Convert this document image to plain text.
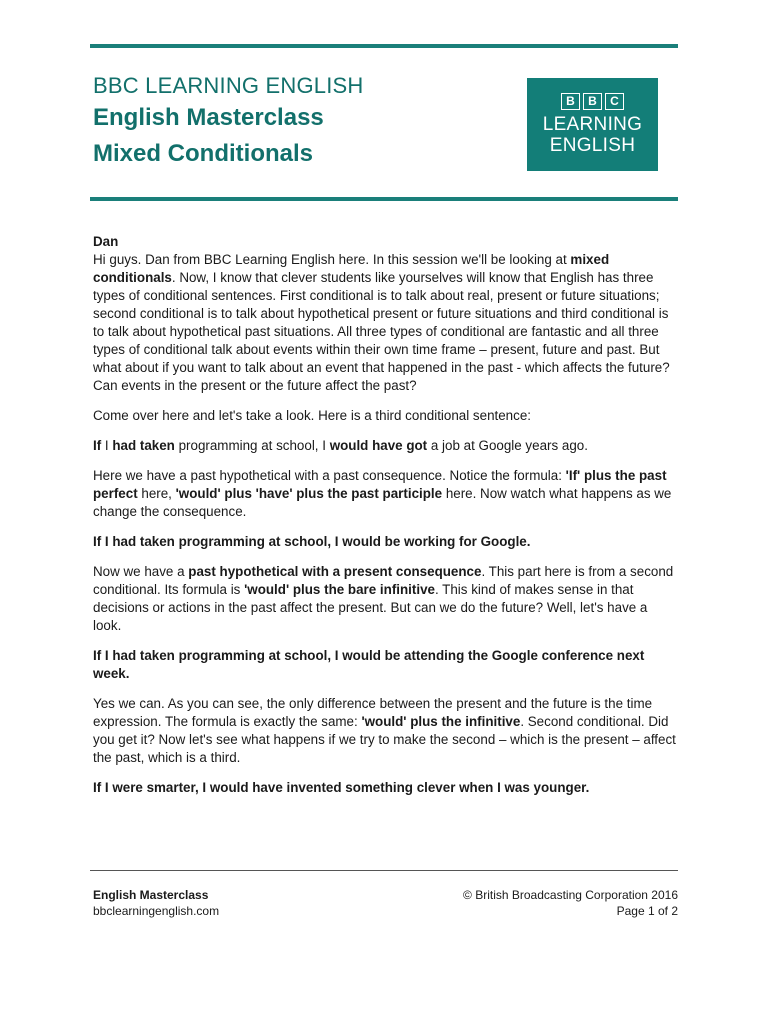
BBC LEARNING ENGLISH
English Masterclass
Mixed Conditionals
B	B	C
LEARNING
ENGLISH

Dan

Hi guys. Dan from BBC Learning English here. In this session we'll be looking at mixed conditionals. Now, I know that clever students like yourselves will know that English has three types of conditional sentences. First conditional is to talk about real, present or future situations; second conditional is to talk about hypothetical present or future situations and third conditional is to talk about hypothetical past situations. All three types of conditional are fantastic and all three types of conditional talk about events within their own time frame – present, future and past. But what about if you want to talk about an event that happened in the past - which affects the future? Can events in the present or the future affect the past?

Come over here and let's take a look. Here is a third conditional sentence:

If I had taken programming at school, I would have got a job at Google years ago.

Here we have a past hypothetical with a past consequence. Notice the formula: 'If' plus the past perfect here, 'would' plus 'have' plus the past participle here. Now watch what happens as we change the consequence.

If I had taken programming at school, I would be working for Google.

Now we have a past hypothetical with a present consequence. This part here is from a second conditional. Its formula is 'would' plus the bare infinitive. This kind of makes sense in that decisions or actions in the past affect the present. But can we do the future? Well, let's have a look.

If I had taken programming at school, I would be attending the Google conference next week.

Yes we can. As you can see, the only difference between the present and the future is the time expression. The formula is exactly the same: 'would' plus the infinitive. Second conditional. Did you get it? Now let's see what happens if we try to make the second – which is the present – affect the past, which is a third.

If I were smarter, I would have invented something clever when I was younger.

English Masterclass
bbclearningenglish.com
© British Broadcasting Corporation 2016
Page 1 of 2
